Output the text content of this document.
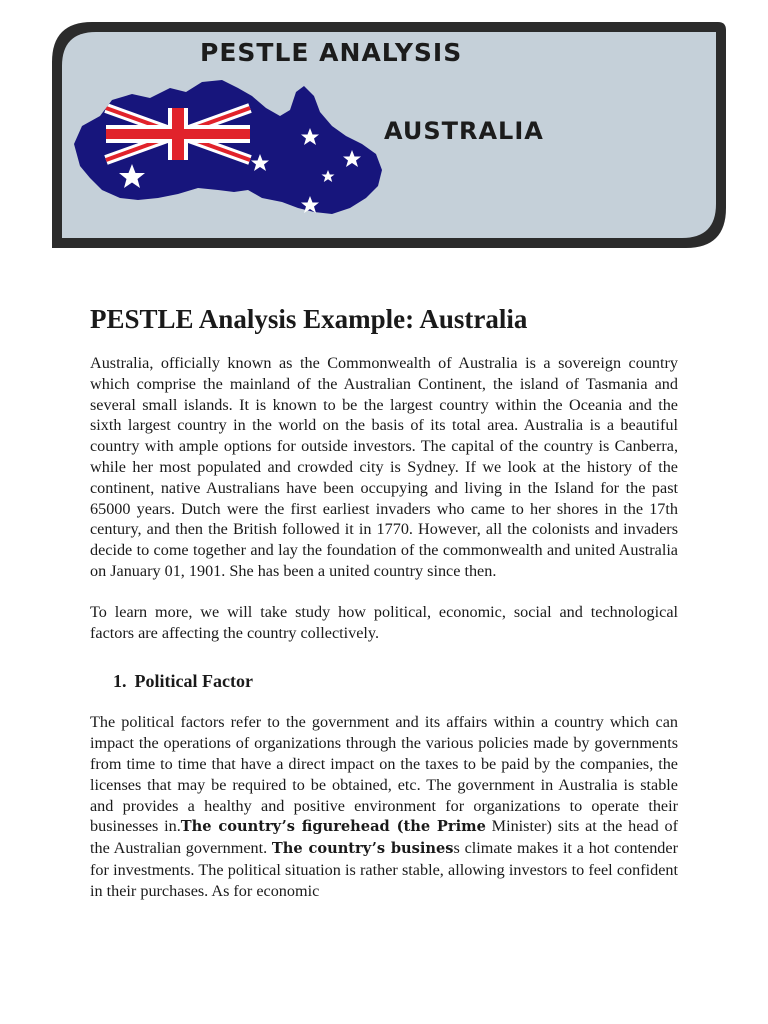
PESTLE ANALYSIS
AUSTRALIA
PESTLE Analysis Example: Australia

Australia, officially known as the Commonwealth of Australia is a sovereign country which comprise the mainland of the Australian Continent, the island of Tasmania and several small islands. It is known to be the largest country within the Oceania and the sixth largest country in the world on the basis of its total area. Australia is a beautiful country with ample options for outside investors. The capital of the country is Canberra, while her most populated and crowded city is Sydney. If we look at the history of the continent, native Australians have been occupying and living in the Island for the past 65000 years. Dutch were the first earliest invaders who came to her shores in the 17th century, and then the British followed it in 1770. However, all the colonists and invaders decide to come together and lay the foundation of the commonwealth and united Australia on January 01, 1901. She has been a united country since then.

To learn more, we will take study how political, economic, social and technological factors are affecting the country collectively.

1. Political Factor

The political factors refer to the government and its affairs within a country which can impact the operations of organizations through the various policies made by governments from time to time that have a direct impact on the taxes to be paid by the companies, the licenses that may be required to be obtained, etc. The government in Australia is stable and provides a healthy and positive environment for organizations to operate their businesses in.The country’s figurehead (the Prime Minister) sits at the head of the Australian government. The country’s business climate makes it a hot contender for investments. The political situation is rather stable, allowing investors to feel confident in their purchases. As for economic
